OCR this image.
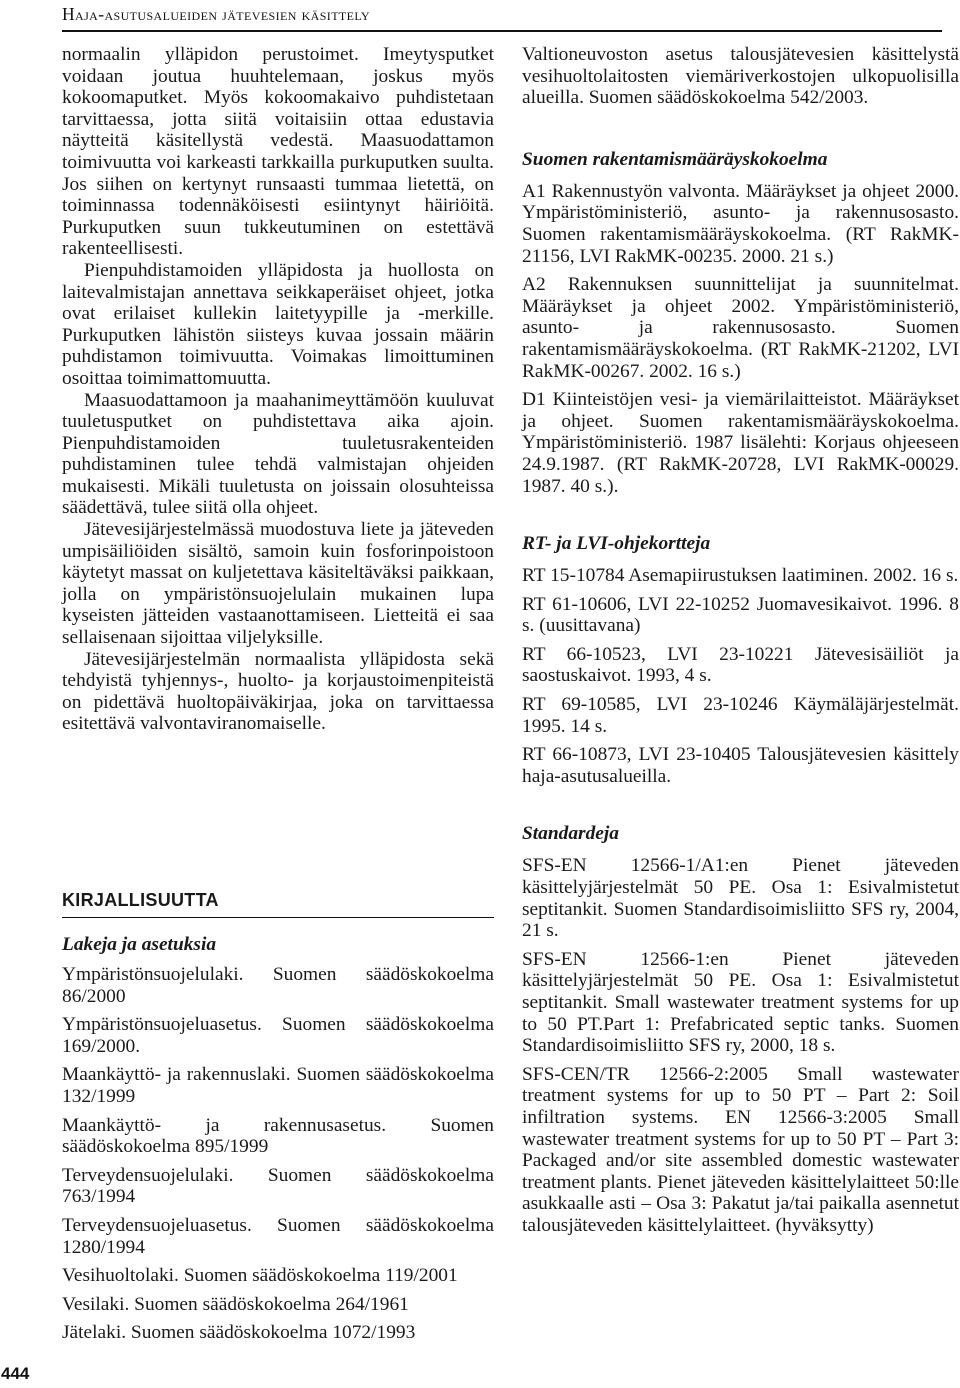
Haja-asutusalueiden jätevesien käsittely

normaalin ylläpidon perustoimet. Imeytysputket voidaan joutua huuhtelemaan, joskus myös kokoomaputket. Myös kokoomakaivo puhdistetaan tarvittaessa, jotta siitä voitaisiin ottaa edustavia näytteitä käsitellystä vedestä. Maasuodattamon toimivuutta voi karkeasti tarkkailla purkuputken suulta. Jos siihen on kertynyt runsaasti tummaa lietettä, on toiminnassa todennäköisesti esiintynyt häiriöitä. Purkuputken suun tukkeutuminen on estettävä rakenteellisesti.

Pienpuhdistamoiden ylläpidosta ja huollosta on laitevalmistajan annettava seikkaperäiset ohjeet, jotka ovat erilaiset kullekin laitetyypille ja -merkille. Purkuputken lähistön siisteys kuvaa jossain määrin puhdistamon toimivuutta. Voimakas limoittuminen osoittaa toimimattomuutta.

Maasuodattamoon ja maahanimeyttämöön kuuluvat tuuletusputket on puhdistettava aika ajoin. Pienpuhdistamoiden tuuletusrakenteiden puhdistaminen tulee tehdä valmistajan ohjeiden mukaisesti. Mikäli tuuletusta on joissain olosuhteissa säädettävä, tulee siitä olla ohjeet.

Jätevesijärjestelmässä muodostuva liete ja jäteveden umpisäiliöiden sisältö, samoin kuin fosforinpoistoon käytetyt massat on kuljetettava käsiteltäväksi paikkaan, jolla on ympäristönsuojelulain mukainen lupa kyseisten jätteiden vastaanottamiseen. Lietteitä ei saa sellaisenaan sijoittaa viljelyksille.

Jätevesijärjestelmän normaalista ylläpidosta sekä tehdyistä tyhjennys-, huolto- ja korjaustoimenpiteistä on pidettävä huoltopäiväkirjaa, joka on tarvittaessa esitettävä valvontaviranomaiselle.

KIRJALLISUUTTA
Lakeja ja asetuksia

Ympäristönsuojelulaki. Suomen säädöskokoelma 86/2000

Ympäristönsuojeluasetus. Suomen säädöskokoelma 169/2000.

Maankäyttö- ja rakennuslaki. Suomen säädöskokoelma 132/1999

Maankäyttö- ja rakennusasetus. Suomen säädöskokoelma 895/1999

Terveydensuojelulaki. Suomen säädöskokoelma 763/1994

Terveydensuojeluasetus. Suomen säädöskokoelma 1280/1994

Vesihuoltolaki. Suomen säädöskokoelma 119/2001

Vesilaki. Suomen säädöskokoelma 264/1961

Jätelaki. Suomen säädöskokoelma 1072/1993

Valtioneuvoston asetus talousjätevesien käsittelystä vesihuoltolaitosten viemäriverkostojen ulkopuolisilla alueilla. Suomen säädöskokoelma 542/2003.

Suomen rakentamismääräyskokoelma

A1 Rakennustyön valvonta. Määräykset ja ohjeet 2000. Ympäristöministeriö, asunto- ja rakennusosasto. Suomen rakentamismääräyskokoelma. (RT RakMK-21156, LVI RakMK-00235. 2000. 21 s.)

A2 Rakennuksen suunnittelijat ja suunnitelmat. Määräykset ja ohjeet 2002. Ympäristöministeriö, asunto- ja rakennusosasto. Suomen rakentamismääräyskokoelma. (RT RakMK-21202, LVI RakMK-00267. 2002. 16 s.)

D1 Kiinteistöjen vesi- ja viemärilaitteistot. Määräykset ja ohjeet. Suomen rakentamismääräyskokoelma. Ympäristöministeriö. 1987 lisälehti: Korjaus ohjeeseen 24.9.1987. (RT RakMK-20728, LVI RakMK-00029. 1987. 40 s.).

RT- ja LVI-ohjekortteja

RT 15-10784 Asemapiirustuksen laatiminen. 2002. 16 s.

RT 61-10606, LVI 22-10252 Juomavesikaivot. 1996. 8 s. (uusittavana)

RT 66-10523, LVI 23-10221 Jätevesisäiliöt ja saostuskaivot. 1993, 4 s.

RT 69-10585, LVI 23-10246 Käymäläjärjestelmät. 1995. 14 s.

RT 66-10873, LVI 23-10405 Talousjätevesien käsittely haja-asutusalueilla.

Standardeja

SFS-EN 12566-1/A1:en Pienet jäteveden käsittelyjärjestelmät 50 PE. Osa 1: Esivalmistetut septitankit. Suomen Standardisoimisliitto SFS ry, 2004, 21 s.

SFS-EN 12566-1:en Pienet jäteveden käsittelyjärjestelmät 50 PE. Osa 1: Esivalmistetut septitankit. Small wastewater treatment systems for up to 50 PT.Part 1: Prefabricated septic tanks. Suomen Standardisoimisliitto SFS ry, 2000, 18 s.

SFS-CEN/TR 12566-2:2005 Small wastewater treatment systems for up to 50 PT – Part 2: Soil infiltration systems. EN 12566-3:2005 Small wastewater treatment systems for up to 50 PT – Part 3: Packaged and/or site assembled domestic wastewater treatment plants. Pienet jäteveden käsittelylaitteet 50:lle asukkaalle asti – Osa 3: Pakatut ja/tai paikalla asennetut talousjäteveden käsittelylaitteet. (hyväksytty)

444
